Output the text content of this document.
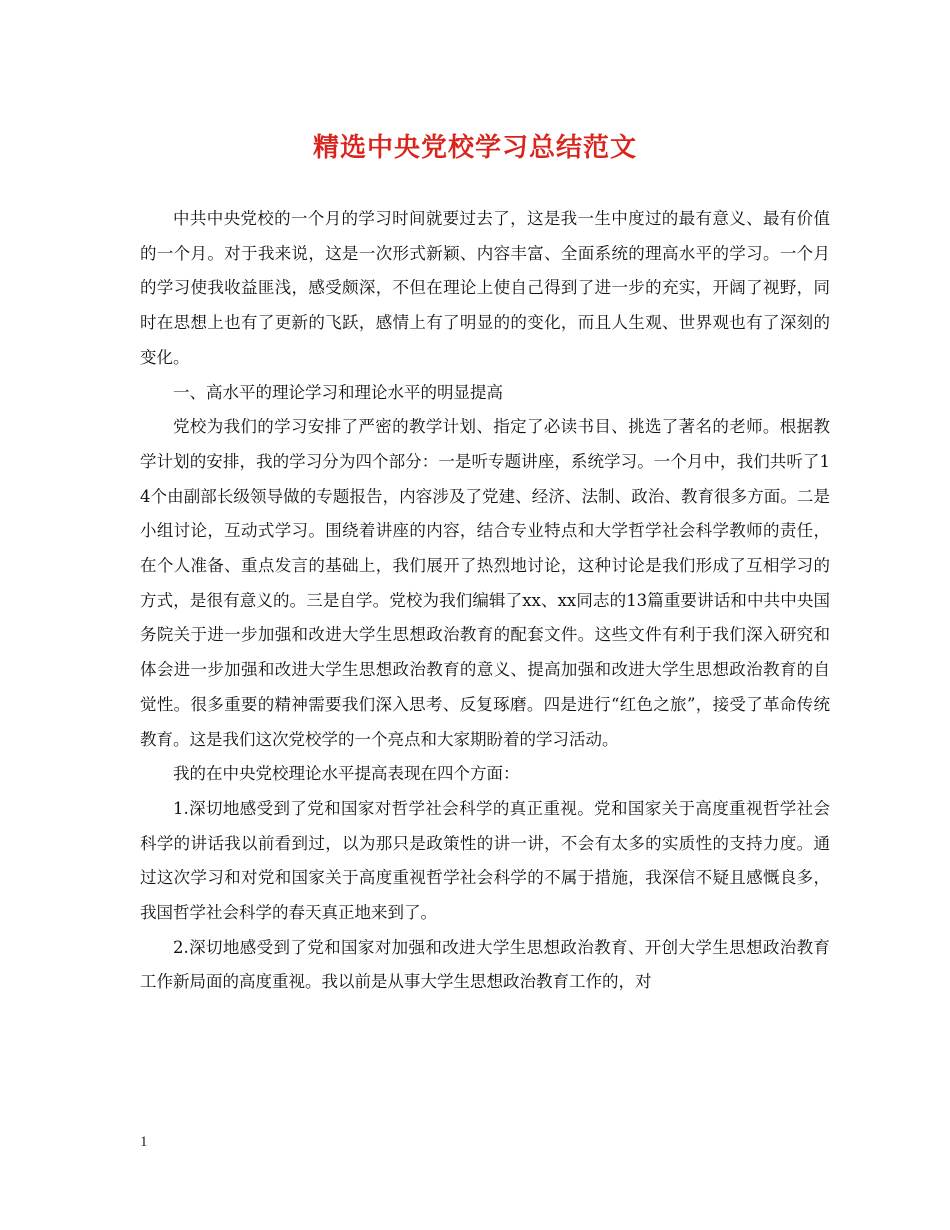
精选中央党校学习总结范文

中共中央党校的一个月的学习时间就要过去了，这是我一生中度过的最有意义、最有价值的一个月。对于我来说，这是一次形式新颖、内容丰富、全面系统的理高水平的学习。一个月的学习使我收益匪浅，感受颇深，不但在理论上使自己得到了进一步的充实，开阔了视野，同时在思想上也有了更新的飞跃，感情上有了明显的的变化，而且人生观、世界观也有了深刻的变化。

一、高水平的理论学习和理论水平的明显提高

党校为我们的学习安排了严密的教学计划、指定了必读书目、挑选了著名的老师。根据教学计划的安排，我的学习分为四个部分：一是听专题讲座，系统学习。一个月中，我们共听了14个由副部长级领导做的专题报告，内容涉及了党建、经济、法制、政治、教育很多方面。二是小组讨论，互动式学习。围绕着讲座的内容，结合专业特点和大学哲学社会科学教师的责任，在个人准备、重点发言的基础上，我们展开了热烈地讨论，这种讨论是我们形成了互相学习的方式，是很有意义的。三是自学。党校为我们编辑了xx、xx同志的13篇重要讲话和中共中央国务院关于进一步加强和改进大学生思想政治教育的配套文件。这些文件有利于我们深入研究和体会进一步加强和改进大学生思想政治教育的意义、提高加强和改进大学生思想政治教育的自觉性。很多重要的精神需要我们深入思考、反复琢磨。四是进行“红色之旅”，接受了革命传统教育。这是我们这次党校学的一个亮点和大家期盼着的学习活动。

我的在中央党校理论水平提高表现在四个方面：

1.深切地感受到了党和国家对哲学社会科学的真正重视。党和国家关于高度重视哲学社会科学的讲话我以前看到过，以为那只是政策性的讲一讲，不会有太多的实质性的支持力度。通过这次学习和对党和国家关于高度重视哲学社会科学的不属于措施，我深信不疑且感慨良多，我国哲学社会科学的春天真正地来到了。

2.深切地感受到了党和国家对加强和改进大学生思想政治教育、开创大学生思想政治教育工作新局面的高度重视。我以前是从事大学生思想政治教育工作的，对

1
